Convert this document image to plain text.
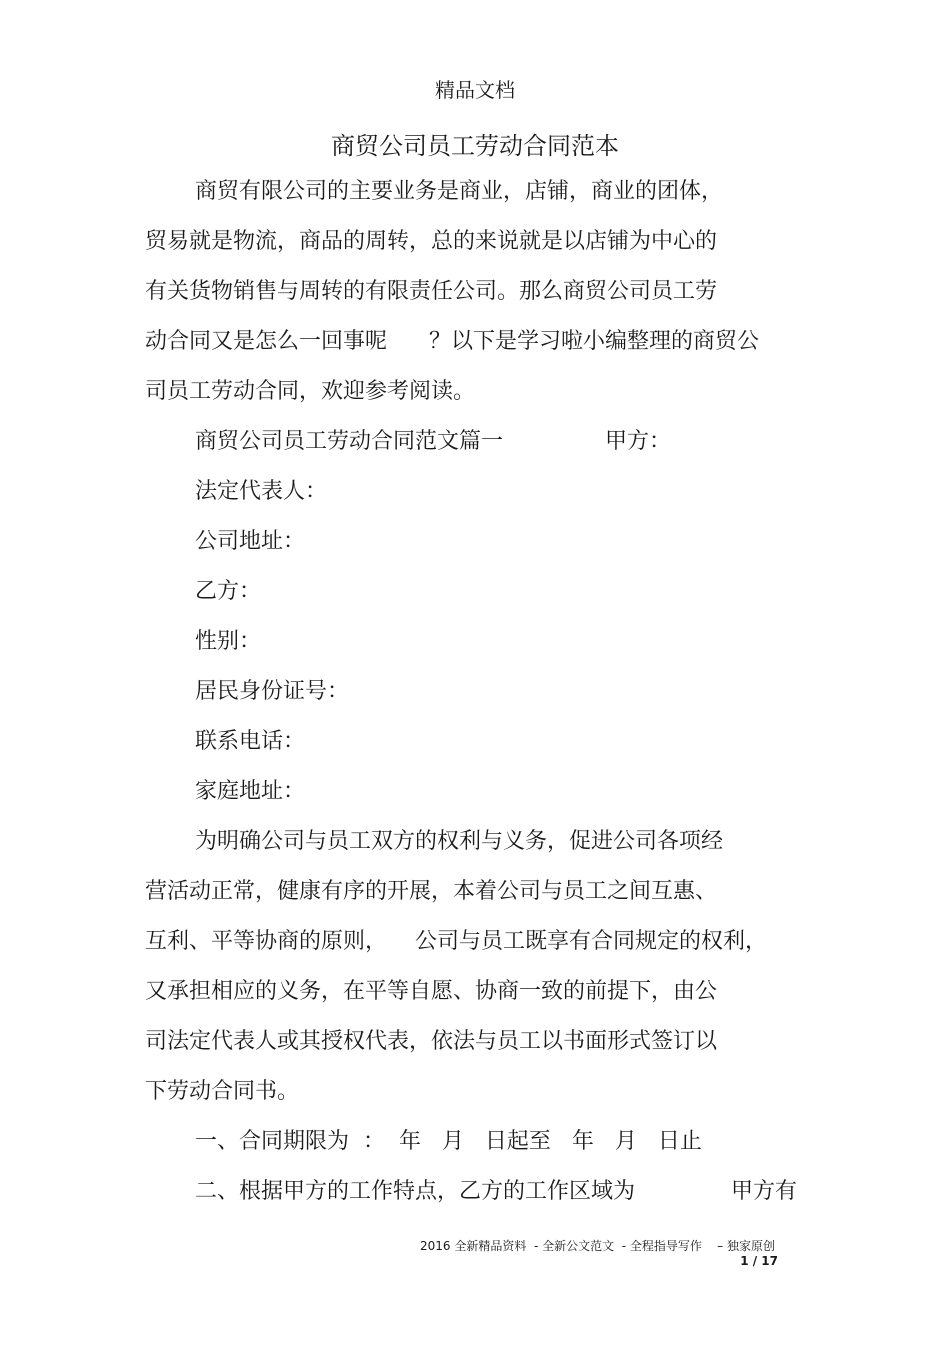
精品文档
商贸公司员工劳动合同范本
商贸有限公司的主要业务是商业，店铺，商业的团体，
贸易就是物流，商品的周转，总的来说就是以店铺为中心的
有关货物销售与周转的有限责任公司。那么商贸公司员工劳
动合同又是怎么一回事呢      ？以下是学习啦小编整理的商贸公
司员工劳动合同，欢迎参考阅读。
商贸公司员工劳动合同范文篇一	甲方：
法定代表人：
公司地址：
乙方：
性别：
居民身份证号：
联系电话：
家庭地址：
为明确公司与员工双方的权利与义务，促进公司各项经
营活动正常，健康有序的开展，本着公司与员工之间互惠、
互利、平等协商的原则，    公司与员工既享有合同规定的权利，
又承担相应的义务，在平等自愿、协商一致的前提下，由公
司法定代表人或其授权代表，依法与员工以书面形式签订以
下劳动合同书。
一、合同期限为  ：  年   月   日起至   年   月   日止
二、根据甲方的工作特点，乙方的工作区域为	甲方有
2016 全新精品资料  - 全新公文范文  - 全程指导写作    – 独家原创
1 / 17
